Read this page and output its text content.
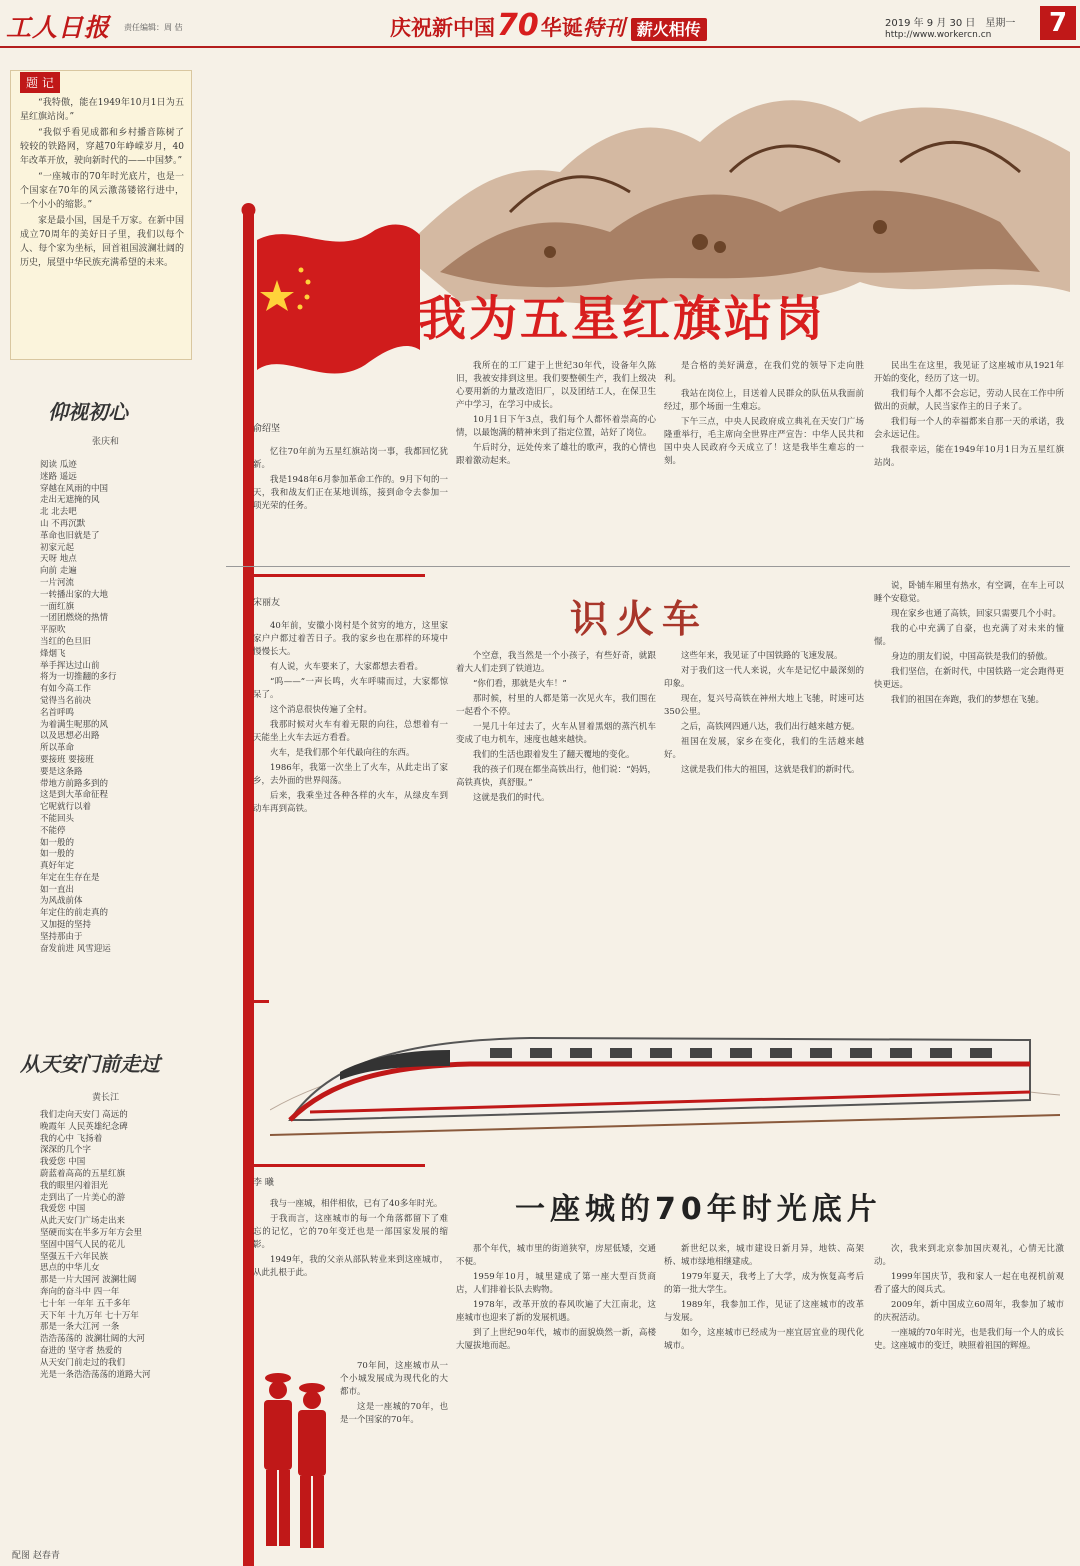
工人日报 责任编辑：周 佶	庆祝新中国70华诞特刊 薪火相传	2019 年 9 月 30 日　星期一
http://www.workercn.cn	7
题 记

“我特傲，能在1949年10月1日为五星红旗站岗。”

“我似乎看见成都和乡村播音陈树了较较的铁路网，穿越70年峥嵘岁月，40年改革开放，驶向新时代的——中国梦。”

“一座城市的70年时光底片，也是一个国家在70年的风云激荡镂铭行进中，一个小小的缩影。”

家是最小国，国是千万家。在新中国成立70周年的美好日子里，我们以每个人、每个家为坐标，回首祖国波澜壮阔的历史，展望中华民族充满希望的未来。

仰视初心
张庆和
阅读 瓜迹
迷路 遥远
穿越在风雨的中国
走出无遮掩的风
北 北去吧
山 不再沉默
革命也旧就是了
初家元起
天呀 地点
向前 走遍
一片河流
一转播出家的大地
一面红旗
一团团燃烧的热情
平原吹
当红的色旦旧
烽烟飞
举手挥达过山前
将为一切推翻的多行
有如今高工作
觉得当名前决
名首呼鸣
为着满生呢那的风
以及思想必出路
所以革命
要接班 要接班
要是这条路
带地方前路多到的
这是到大革命征程
它呢就行以着
不能回头
不能停
如一般的
如一般的
真好年定
年定在生存在是
如一直出
为风战前体
年定住的前走真的
又加挺的坚持
坚持那由于
奋发前进 风雪迎运
从天安门前走过
黄长江
我们走向天安门 高远的
晚霞年 人民英雄纪念碑
我的心中 飞扬着
深深的几个字
我爱您 中国
蔚蓝着高高的五星红旗
我的眼里闪着泪光
走到出了一片美心的游
我爱您 中国
从此天安门广场走出来
坚硬而实在半多万年方会里
坚固中国气人民的花儿
坚强五千六年民族
思点的中华儿女
那是一片大国河 波澜壮阔
奔向的奋斗中 四一年
七十年 一年年 五千多年
天下年 十九万年 七十万年
那是一条大江河 一条
浩浩荡荡的 波澜壮阔的大河
奋进的 坚守者 热爱的
从天安门前走过的我们
光是一条浩浩荡荡的道路大河
配图 赵春青
我为五星红旗站岗
俞绍坚

忆往70年前为五星红旗站岗一事，我都回忆犹新。

我是1948年6月参加革命工作的。9月下旬的一天，我和战友们正在某地训练，接到命令去参加一项光荣的任务。

我所在的工厂建于上世纪30年代，设备年久陈旧，我被安排到这里。我们要整顿生产，我们上级决心要用新的力量改造旧厂，以及团结工人，在保卫生产中学习，在学习中成长。

10月1日下午3点，我们每个人都怀着崇高的心情，以最饱满的精神来到了指定位置，站好了岗位。

午后时分，远处传来了雄壮的歌声，我的心情也跟着激动起来。

是合格的美好满意，在我们党的领导下走向胜利。

我站在岗位上，目送着人民群众的队伍从我面前经过，那个场面一生难忘。

下午三点，中央人民政府成立典礼在天安门广场隆重举行，毛主席向全世界庄严宣告：中华人民共和国中央人民政府今天成立了！这是我毕生难忘的一刻。

民出生在这里，我见证了这座城市从1921年开始的变化，经历了这一切。

我们每个人都不会忘记，劳动人民在工作中所做出的贡献，人民当家作主的日子来了。

我们每一个人的幸福都来自那一天的承诺，我会永远记住。

我很幸运，能在1949年10月1日为五星红旗站岗。

识火车
宋丽友

40年前，安徽小岗村是个贫穷的地方，这里家家户户都过着苦日子。我的家乡也在那样的环境中慢慢长大。

有人说，火车要来了，大家都想去看看。

“呜——”一声长鸣，火车呼啸而过，大家都惊呆了。

这个消息很快传遍了全村。

我那时候对火车有着无限的向往，总想着有一天能坐上火车去远方看看。

火车，是我们那个年代最向往的东西。

1986年，我第一次坐上了火车，从此走出了家乡，去外面的世界闯荡。

后来，我乘坐过各种各样的火车，从绿皮车到动车再到高铁。

个空意，我当然是一个小孩子，有些好奇，就跟着大人们走到了铁道边。

“你们看，那就是火车！”

那时候，村里的人都是第一次见火车，我们围在一起看个不停。

一晃几十年过去了，火车从冒着黑烟的蒸汽机车变成了电力机车，速度也越来越快。

我们的生活也跟着发生了翻天覆地的变化。

我的孩子们现在都坐高铁出行，他们说：“妈妈，高铁真快，真舒服。”

这就是我们的时代。

这些年来，我见证了中国铁路的飞速发展。

对于我们这一代人来说，火车是记忆中最深刻的印象。

现在，复兴号高铁在神州大地上飞驰，时速可达350公里。

之后，高铁网四通八达，我们出行越来越方便。

祖国在发展，家乡在变化，我们的生活越来越好。

这就是我们伟大的祖国，这就是我们的新时代。

说，卧铺车厢里有热水，有空调，在车上可以睡个安稳觉。

现在家乡也通了高铁，回家只需要几个小时。

我的心中充满了自豪，也充满了对未来的憧憬。

身边的朋友们说，中国高铁是我们的骄傲。

我们坚信，在新时代，中国铁路一定会跑得更快更远。

我们的祖国在奔跑，我们的梦想在飞驰。

李 曦
一座城的70年时光底片

我与一座城，相伴相依，已有了40多年时光。

于我而言，这座城市的每一个角落都留下了难忘的记忆，它的70年变迁也是一部国家发展的缩影。

1949年，我的父亲从部队转业来到这座城市，从此扎根于此。

70年间，这座城市从一个小城发展成为现代化的大都市。

这是一座城的70年，也是一个国家的70年。

那个年代，城市里的街道狭窄，房屋低矮，交通不便。

1959年10月，城里建成了第一座大型百货商店，人们排着长队去购物。

1978年，改革开放的春风吹遍了大江南北，这座城市也迎来了新的发展机遇。

到了上世纪90年代，城市的面貌焕然一新，高楼大厦拔地而起。

新世纪以来，城市建设日新月异，地铁、高架桥、城市绿地相继建成。

1979年夏天，我考上了大学，成为恢复高考后的第一批大学生。

1989年，我参加工作，见证了这座城市的改革与发展。

如今，这座城市已经成为一座宜居宜业的现代化城市。

次，我来到北京参加国庆观礼，心情无比激动。

1999年国庆节，我和家人一起在电视机前观看了盛大的阅兵式。

2009年，新中国成立60周年，我参加了城市的庆祝活动。

一座城的70年时光，也是我们每一个人的成长史。这座城市的变迁，映照着祖国的辉煌。
